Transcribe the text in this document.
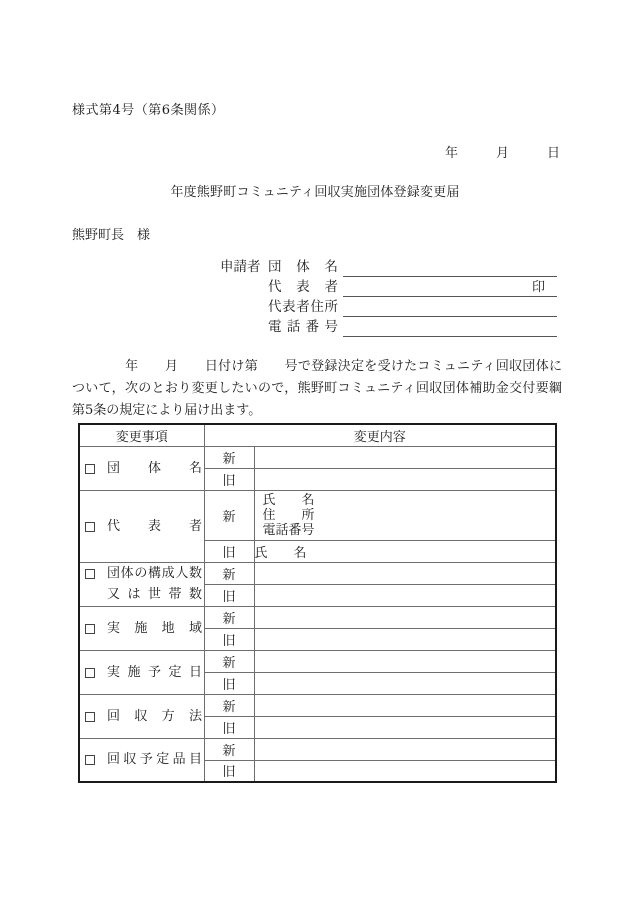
様式第4号（第6条関係）
年	月	日
年度熊野町コミュニティ回収実施団体登録変更届
熊野町長　様
申請者 団体名
代表者	印
代表者住所
電話番号

　　　　年　　月　　日付け第　　号で登録決定を受けたコミュニティ回収団体について，次のとおり変更したいので，熊野町コミュニティ回収団体補助金交付要綱第5条の規定により届け出ます。

変更事項	変更内容	

団体名	新	
	旧	

代表者	新	氏　　名
住　　所
電話番号

	旧	氏　　名

団体の構成人数
又は世帯数	新	
	旧	

実施地域	新	
	旧	

実施予定日	新	
	旧	

回収方法	新	
	旧	

回収予定品目	新	
	旧	
